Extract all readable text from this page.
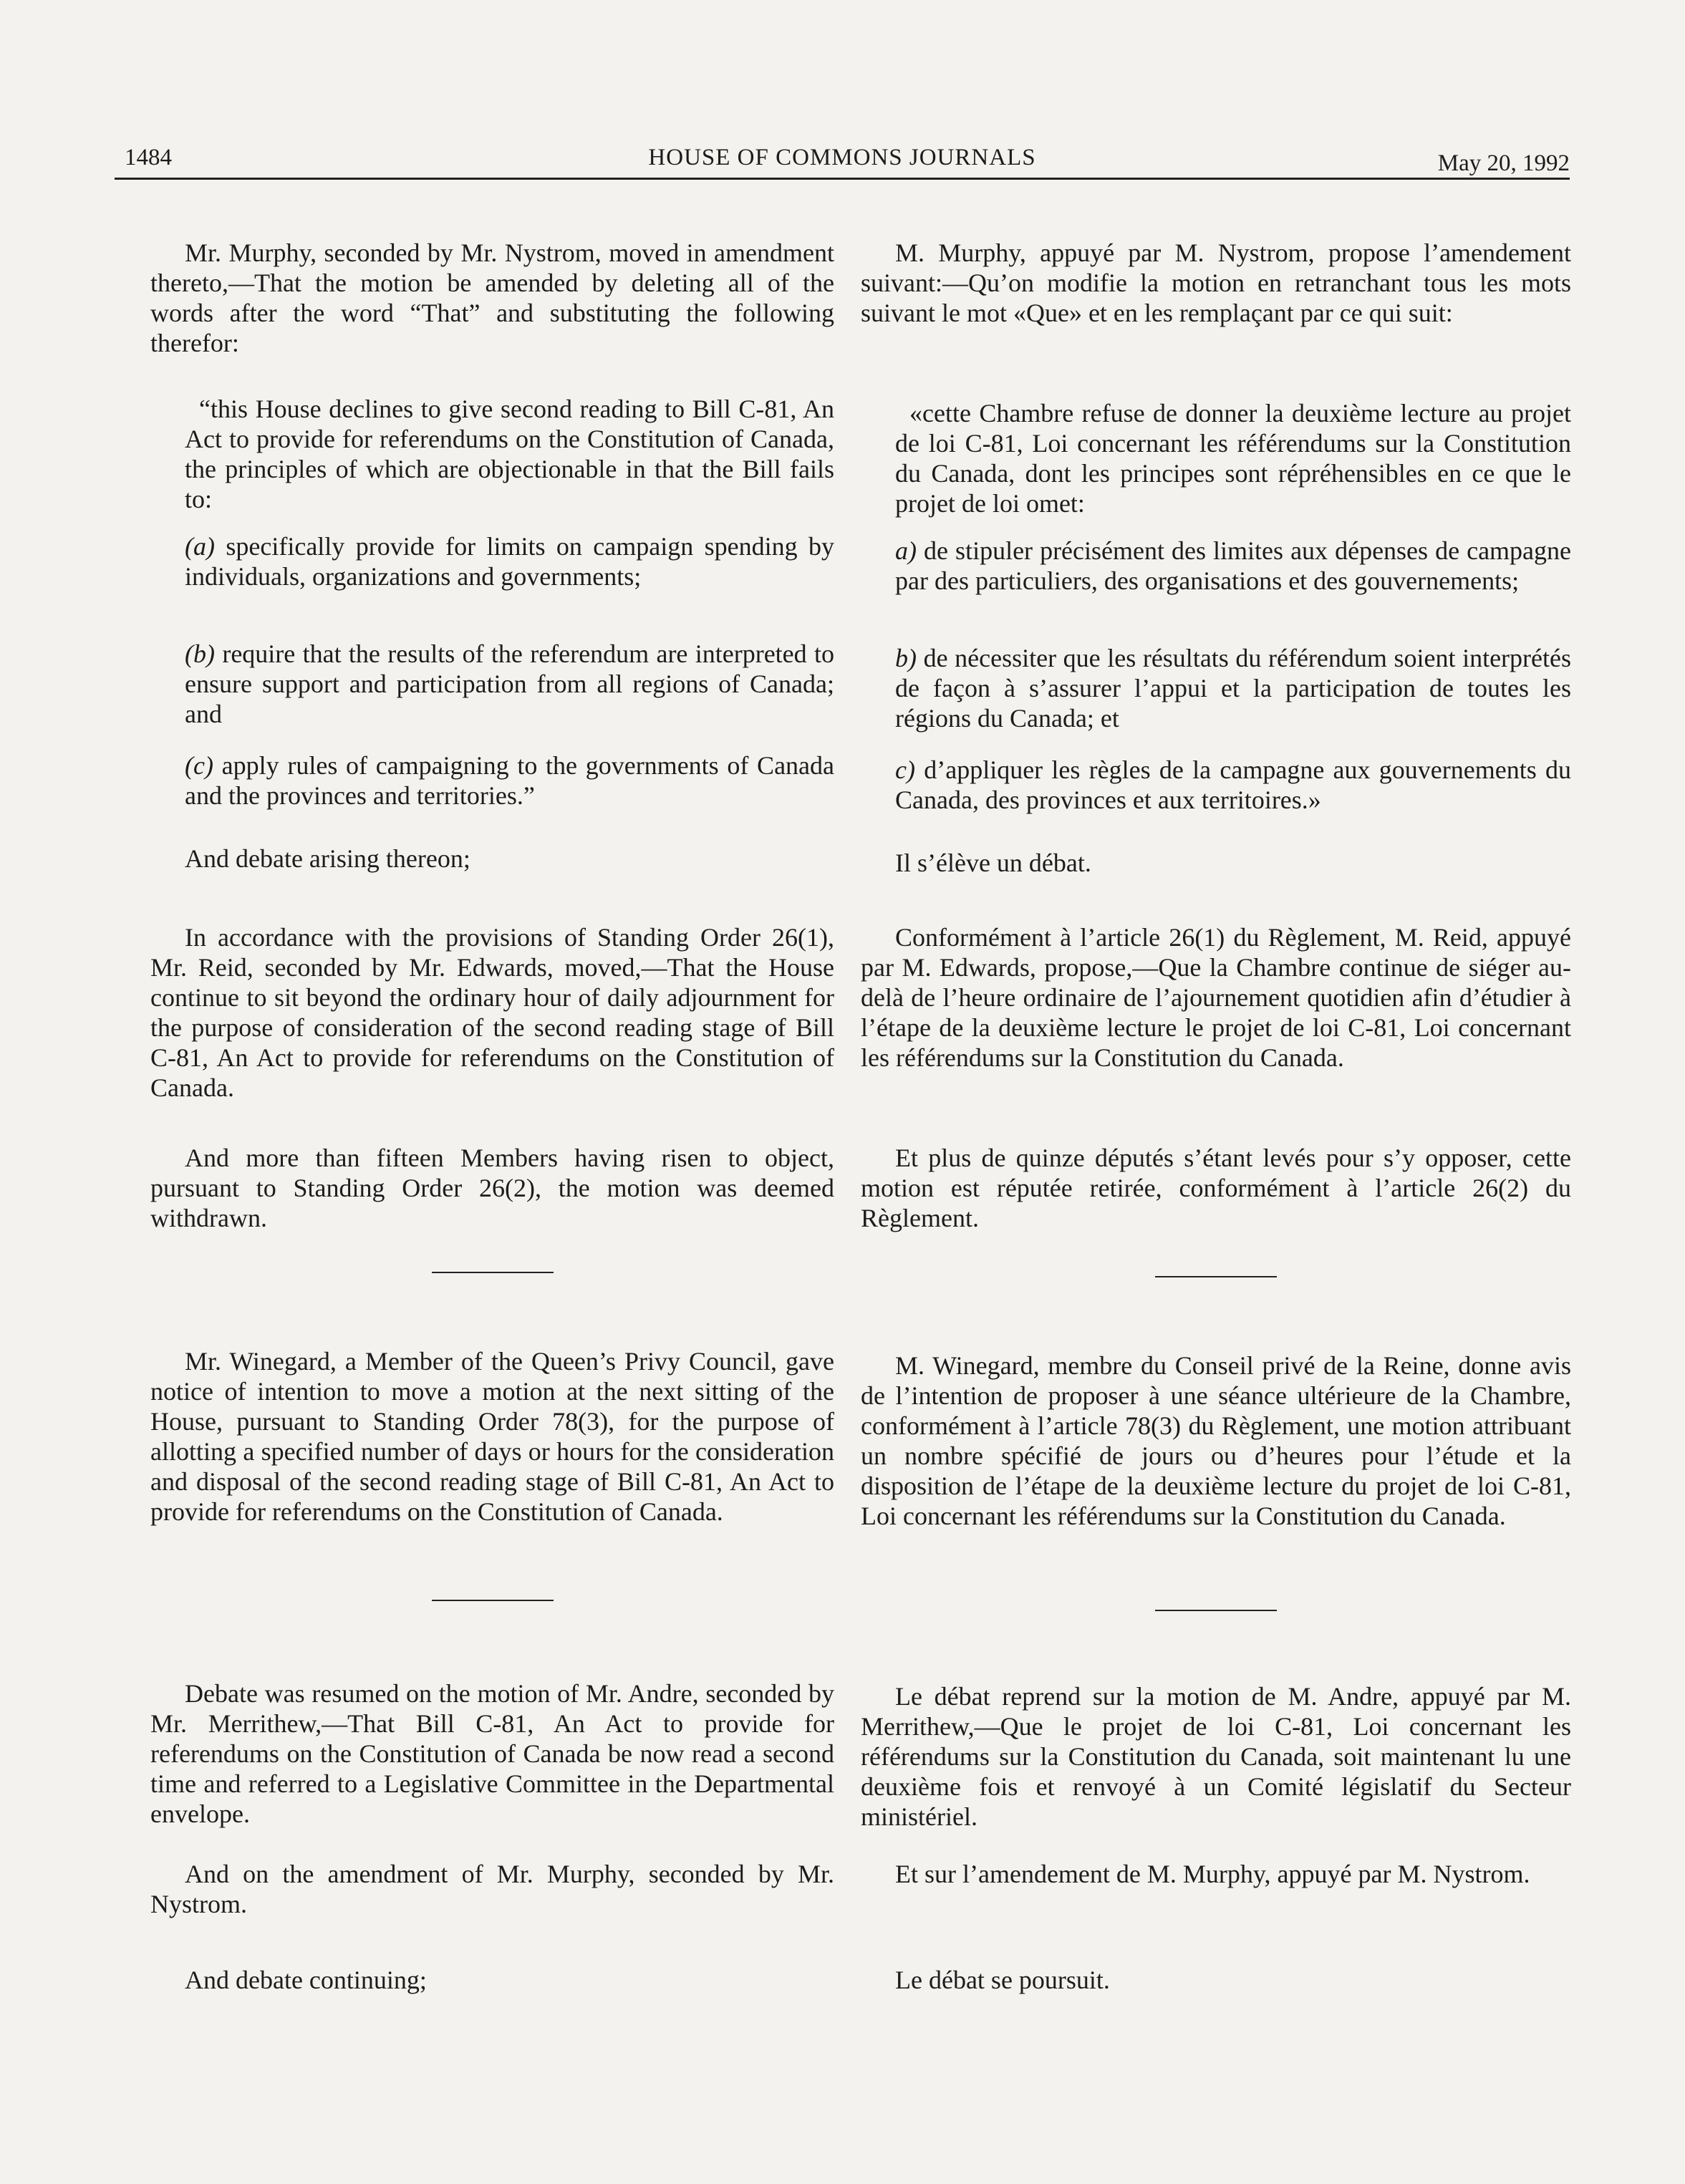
1484	HOUSE OF COMMONS JOURNALS	May 20, 1992

Mr. Murphy, seconded by Mr. Nystrom, moved in amendment thereto,—That the motion be amended by deleting all of the words after the word “That” and substituting the following therefor:

“this House declines to give second reading to Bill C-81, An Act to provide for referendums on the Constitution of Canada, the principles of which are objectionable in that the Bill fails to:

(a) specifically provide for limits on campaign spending by individuals, organizations and governments;

(b) require that the results of the referendum are interpreted to ensure support and participation from all regions of Canada; and

(c) apply rules of campaigning to the governments of Canada and the provinces and territories.”

And debate arising thereon;

In accordance with the provisions of Standing Order 26(1), Mr. Reid, seconded by Mr. Edwards, moved,—That the House continue to sit beyond the ordinary hour of daily adjournment for the purpose of consideration of the second reading stage of Bill C-81, An Act to provide for referendums on the Constitution of Canada.

And more than fifteen Members having risen to object, pursuant to Standing Order 26(2), the motion was deemed withdrawn.

Mr. Winegard, a Member of the Queen’s Privy Council, gave notice of intention to move a motion at the next sitting of the House, pursuant to Standing Order 78(3), for the purpose of allotting a specified number of days or hours for the consideration and disposal of the second reading stage of Bill C-81, An Act to provide for referendums on the Constitution of Canada.

Debate was resumed on the motion of Mr. Andre, seconded by Mr. Merrithew,—That Bill C-81, An Act to provide for referendums on the Constitution of Canada be now read a second time and referred to a Legislative Committee in the Departmental envelope.

And on the amendment of Mr. Murphy, seconded by Mr. Nystrom.

And debate continuing;

M. Murphy, appuyé par M. Nystrom, propose l’amendement suivant:—Qu’on modifie la motion en retranchant tous les mots suivant le mot «Que» et en les remplaçant par ce qui suit:

«cette Chambre refuse de donner la deuxième lecture au projet de loi C-81, Loi concernant les référendums sur la Constitution du Canada, dont les principes sont répréhensibles en ce que le projet de loi omet:

a) de stipuler précisément des limites aux dépenses de campagne par des particuliers, des organisations et des gouvernements;

b) de nécessiter que les résultats du référendum soient interprétés de façon à s’assurer l’appui et la participation de toutes les régions du Canada; et

c) d’appliquer les règles de la campagne aux gouvernements du Canada, des provinces et aux territoires.»

Il s’élève un débat.

Conformément à l’article 26(1) du Règlement, M. Reid, appuyé par M. Edwards, propose,—Que la Chambre continue de siéger au-delà de l’heure ordinaire de l’ajournement quotidien afin d’étudier à l’étape de la deuxième lecture le projet de loi C-81, Loi concernant les référendums sur la Constitution du Canada.

Et plus de quinze députés s’étant levés pour s’y opposer, cette motion est réputée retirée, conformément à l’article 26(2) du Règlement.

M. Winegard, membre du Conseil privé de la Reine, donne avis de l’intention de proposer à une séance ultérieure de la Chambre, conformément à l’article 78(3) du Règlement, une motion attribuant un nombre spécifié de jours ou d’heures pour l’étude et la disposition de l’étape de la deuxième lecture du projet de loi C-81, Loi concernant les référendums sur la Constitution du Canada.

Le débat reprend sur la motion de M. Andre, appuyé par M. Merrithew,—Que le projet de loi C-81, Loi concernant les référendums sur la Constitution du Canada, soit maintenant lu une deuxième fois et renvoyé à un Comité législatif du Secteur ministériel.

Et sur l’amendement de M. Murphy, appuyé par M. Nystrom.

Le débat se poursuit.
